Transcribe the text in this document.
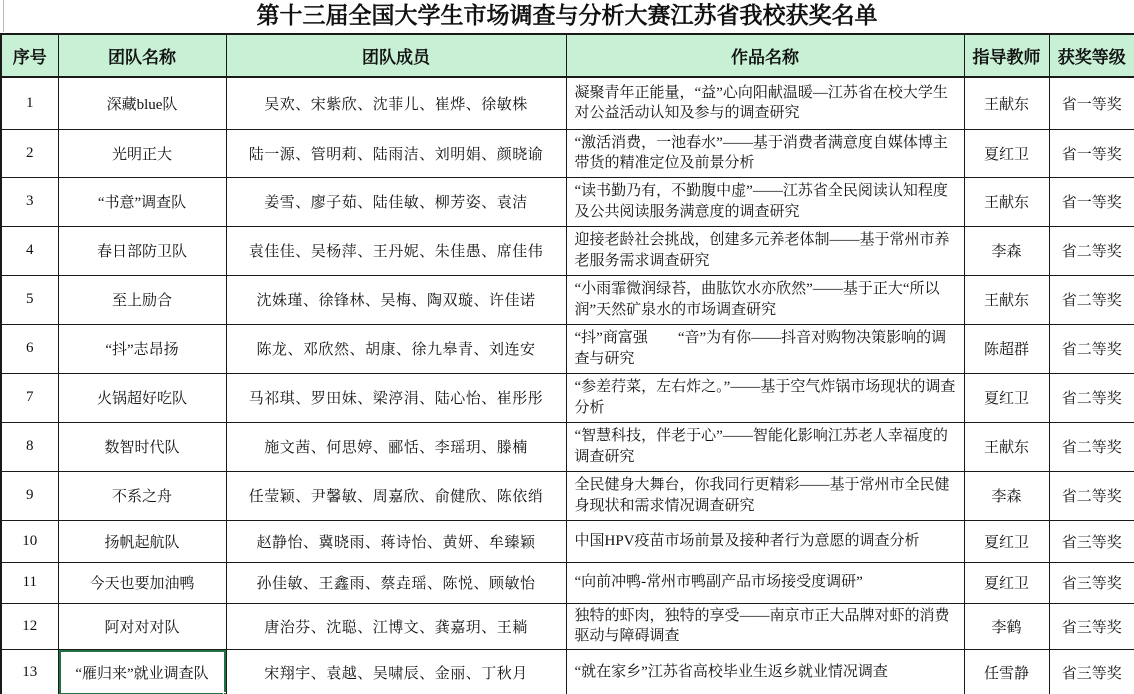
第十三届全国大学生市场调查与分析大赛江苏省我校获奖名单
序号	团队名称	团队成员	作品名称	指导教师	获奖等级
1	深藏blue队	吴欢、宋紫欣、沈菲儿、崔烨、徐敏株	凝聚青年正能量，“益”心向阳献温暖—江苏省在校大学生对公益活动认知及参与的调查研究	王献东	省一等奖
2	光明正大	陆一源、管明莉、陆雨洁、刘明娟、颜晓谕	“激活消费，一池春水”——基于消费者满意度自媒体博主带货的精准定位及前景分析	夏红卫	省一等奖
3	“书意”调查队	姜雪、廖子茹、陆佳敏、柳芳姿、袁洁	“读书勤乃有，不勤腹中虚”——江苏省全民阅读认知程度及公共阅读服务满意度的调查研究	王献东	省一等奖
4	春日部防卫队	袁佳佳、吴杨萍、王丹妮、朱佳愚、席佳伟	迎接老龄社会挑战，创建多元养老体制——基于常州市养老服务需求调查研究	李森	省二等奖
5	至上励合	沈姝瑾、徐锋林、吴梅、陶双璇、许佳诺	“小雨霏微润绿苔，曲肱饮水亦欣然”——基于正大“所以润”天然矿泉水的市场调查研究	王献东	省二等奖
6	“抖”志昂扬	陈龙、邓欣然、胡康、徐九皋青、刘连安	“抖”商富强　　“音”为有你——抖音对购物决策影响的调查与研究	陈超群	省二等奖
7	火锅超好吃队	马祁琪、罗田妹、梁渟涓、陆心怡、崔彤彤	“参差荇菜，左右炸之。”——基于空气炸锅市场现状的调查分析	夏红卫	省二等奖
8	数智时代队	施文茜、何思婷、郦恬、李瑶玥、滕楠	“智慧科技，伴老于心”——智能化影响江苏老人幸福度的调查研究	王献东	省二等奖
9	不系之舟	任莹颖、尹馨敏、周嘉欣、俞健欣、陈依绡	全民健身大舞台，你我同行更精彩——基于常州市全民健身现状和需求情况调查研究	李森	省二等奖
10	扬帆起航队	赵静怡、冀晓雨、蒋诗怡、黄妍、牟臻颖	中国HPV疫苗市场前景及接种者行为意愿的调查分析	夏红卫	省三等奖
11	今天也要加油鸭	孙佳敏、王鑫雨、蔡垚瑶、陈悦、顾敏怡	“向前冲鸭-常州市鸭副产品市场接受度调研”	夏红卫	省三等奖
12	阿对对对队	唐治芬、沈聪、江博文、龚嘉玥、王耥	独特的虾肉，独特的享受——南京市正大品牌对虾的消费驱动与障碍调查	李鹤	省三等奖
13	“雁归来”就业调查队	宋翔宇、袁越、吴啸辰、金丽、丁秋月	“就在家乡”江苏省高校毕业生返乡就业情况调查	任雪静	省三等奖
